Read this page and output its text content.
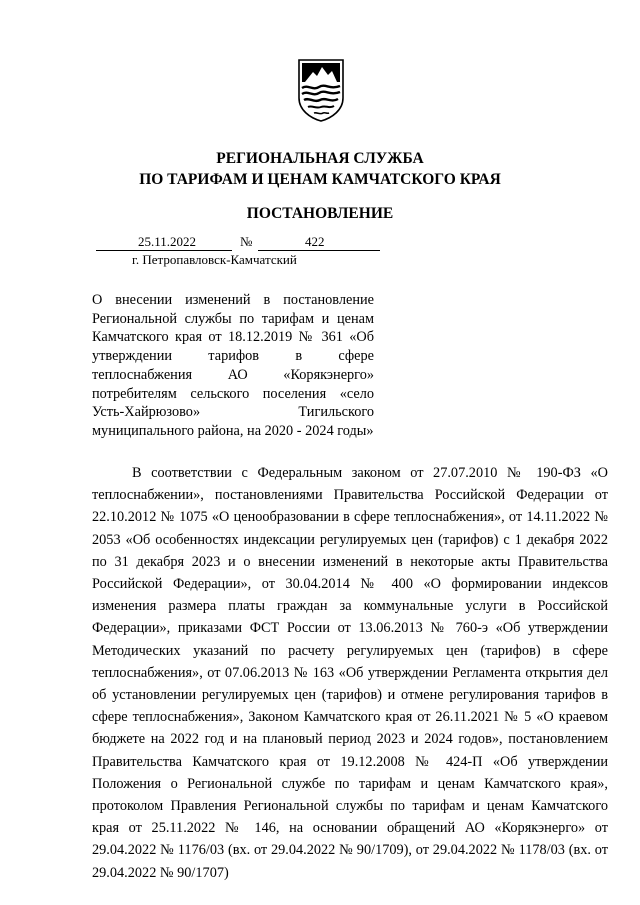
РЕГИОНАЛЬНАЯ СЛУЖБА
ПО ТАРИФАМ И ЦЕНАМ КАМЧАТСКОГО КРАЯ
ПОСТАНОВЛЕНИЕ
25.11.2022	№	422
г. Петропавловск-Камчатский
О внесении изменений в постановление Региональной службы по тарифам и ценам Камчатского края от 18.12.2019 № 361 «Об утверждении тарифов в сфере теплоснабжения АО «Корякэнерго» потребителям сельского поселения «село Усть-Хайрюзово» Тигильского муниципального района, на 2020 - 2024 годы»
В соответствии с Федеральным законом от 27.07.2010 № 190-ФЗ «О теплоснабжении», постановлениями Правительства Российской Федерации от 22.10.2012 № 1075 «О ценообразовании в сфере теплоснабжения», от 14.11.2022 № 2053 «Об особенностях индексации регулируемых цен (тарифов) с 1 декабря 2022 по 31 декабря 2023 и о внесении изменений в некоторые акты Правительства Российской Федерации», от 30.04.2014 № 400 «О формировании индексов изменения размера платы граждан за коммунальные услуги в Российской Федерации», приказами ФСТ России от 13.06.2013 № 760-э «Об утверждении Методических указаний по расчету регулируемых цен (тарифов) в сфере теплоснабжения», от 07.06.2013 № 163 «Об утверждении Регламента открытия дел об установлении регулируемых цен (тарифов) и отмене регулирования тарифов в сфере теплоснабжения», Законом Камчатского края от 26.11.2021 № 5 «О краевом бюджете на 2022 год и на плановый период 2023 и 2024 годов», постановлением Правительства Камчатского края от 19.12.2008 № 424-П «Об утверждении Положения о Региональной службе по тарифам и ценам Камчатского края», протоколом Правления Региональной службы по тарифам и ценам Камчатского края от 25.11.2022 № 146, на основании обращений АО «Корякэнерго» от 29.04.2022 № 1176/03 (вх. от 29.04.2022 № 90/1709), от 29.04.2022 № 1178/03 (вх. от 29.04.2022 № 90/1707)
